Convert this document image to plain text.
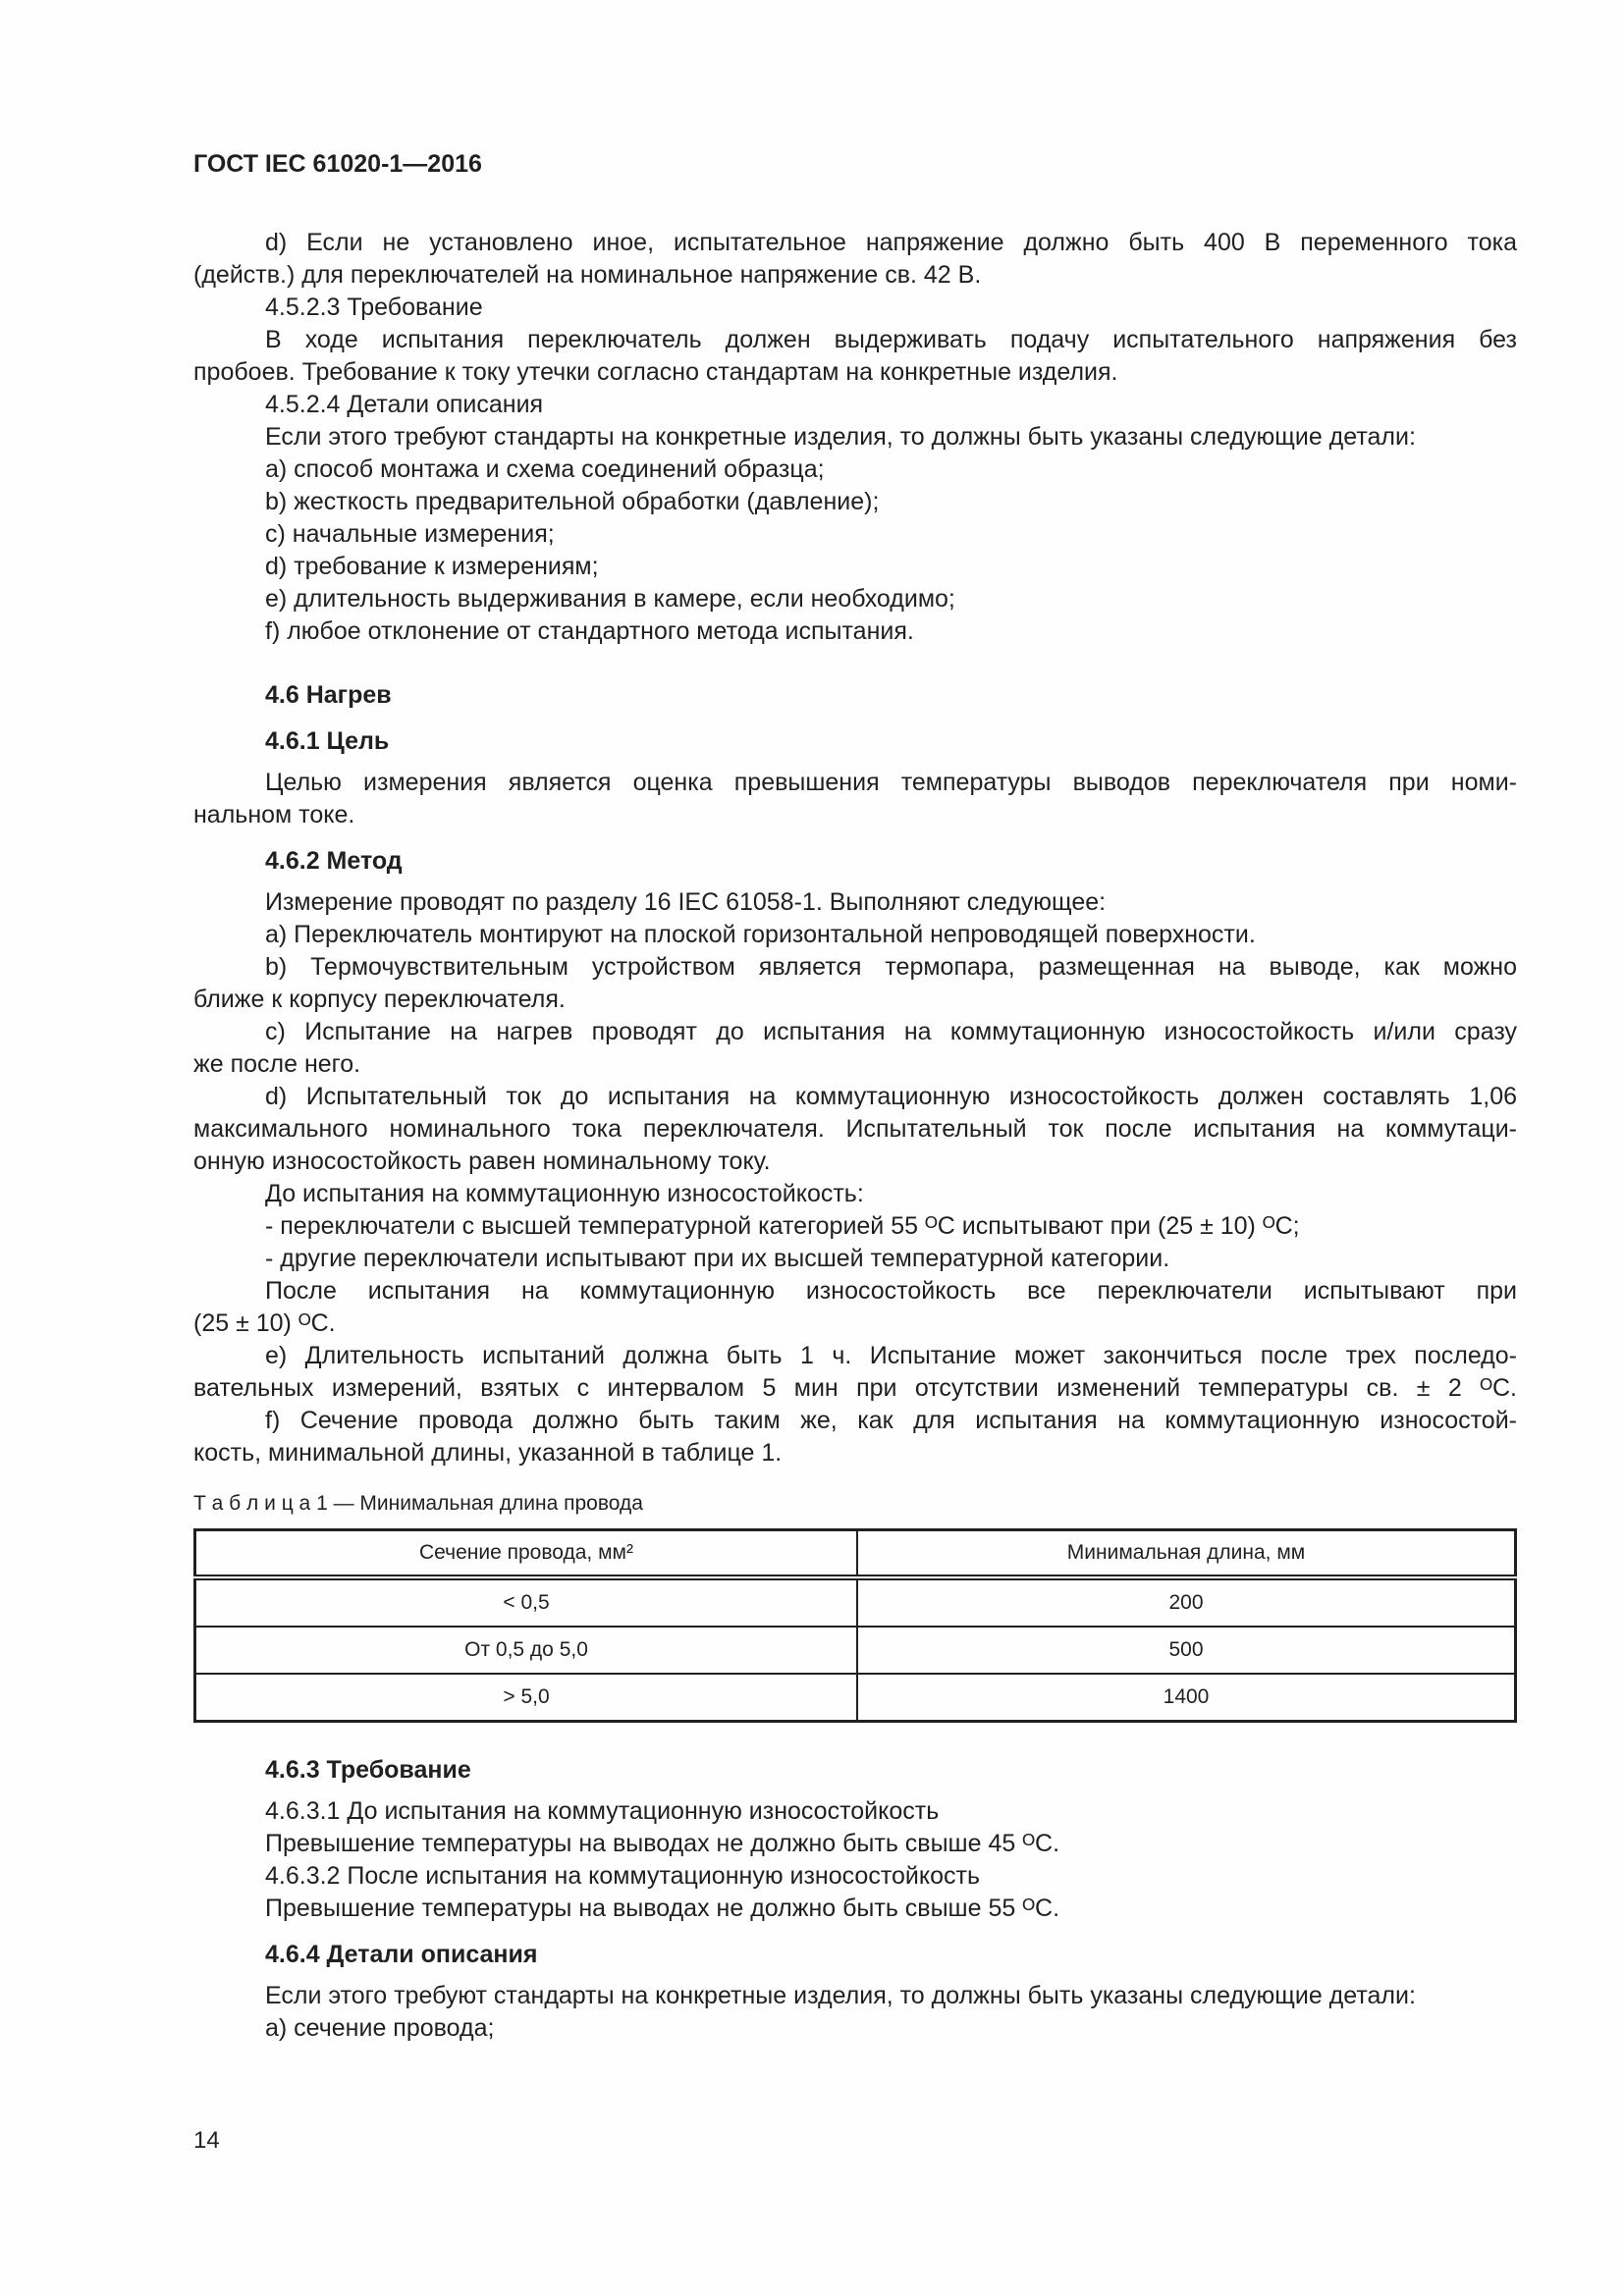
ГОСТ IEC 61020-1—2016
d) Если не установлено иное, испытательное напряжение должно быть 400 В переменного тока
(действ.) для переключателей на номинальное напряжение св. 42 В.
4.5.2.3 Требование
В ходе испытания переключатель должен выдерживать подачу испытательного напряжения без
пробоев. Требование к току утечки согласно стандартам на конкретные изделия.
4.5.2.4 Детали описания
Если этого требуют стандарты на конкретные изделия, то должны быть указаны следующие детали:
a) способ монтажа и схема соединений образца;
b) жесткость предварительной обработки (давление);
c) начальные измерения;
d) требование к измерениям;
e) длительность выдерживания в камере, если необходимо;
f) любое отклонение от стандартного метода испытания.
4.6 Нагрев
4.6.1 Цель
Целью измерения является оценка превышения температуры выводов переключателя при номи-
нальном токе.
4.6.2 Метод
Измерение проводят по разделу 16 IEC 61058-1. Выполняют следующее:
a) Переключатель монтируют на плоской горизонтальной непроводящей поверхности.
b) Термочувствительным устройством является термопара, размещенная на выводе, как можно
ближе к корпусу переключателя.
c) Испытание на нагрев проводят до испытания на коммутационную износостойкость и/или сразу
же после него.
d) Испытательный ток до испытания на коммутационную износостойкость должен составлять 1,06
максимального номинального тока переключателя. Испытательный ток после испытания на коммутаци-
онную износостойкость равен номинальному току.
До испытания на коммутационную износостойкость:
- переключатели с высшей температурной категорией 55 ᴼC испытывают при (25 ± 10) ᴼC;
- другие переключатели испытывают при их высшей температурной категории.
После испытания на коммутационную износостойкость все переключатели испытывают при
(25 ± 10) ᴼC.
e) Длительность испытаний должна быть 1 ч. Испытание может закончиться после трех последо-
вательных измерений, взятых с интервалом 5 мин при отсутствии изменений температуры св. ± 2 ᴼC.
f) Сечение провода должно быть таким же, как для испытания на коммутационную износостой-
кость, минимальной длины, указанной в таблице 1.
Т а б л и ц а 1 — Минимальная длина провода
Сечение провода, мм²	Минимальная длина, мм
< 0,5	200
От 0,5 до 5,0	500
> 5,0	1400
4.6.3 Требование
4.6.3.1 До испытания на коммутационную износостойкость
Превышение температуры на выводах не должно быть свыше 45 ᴼC.
4.6.3.2 После испытания на коммутационную износостойкость
Превышение температуры на выводах не должно быть свыше 55 ᴼC.
4.6.4 Детали описания
Если этого требуют стандарты на конкретные изделия, то должны быть указаны следующие детали:
a) сечение провода;
14
